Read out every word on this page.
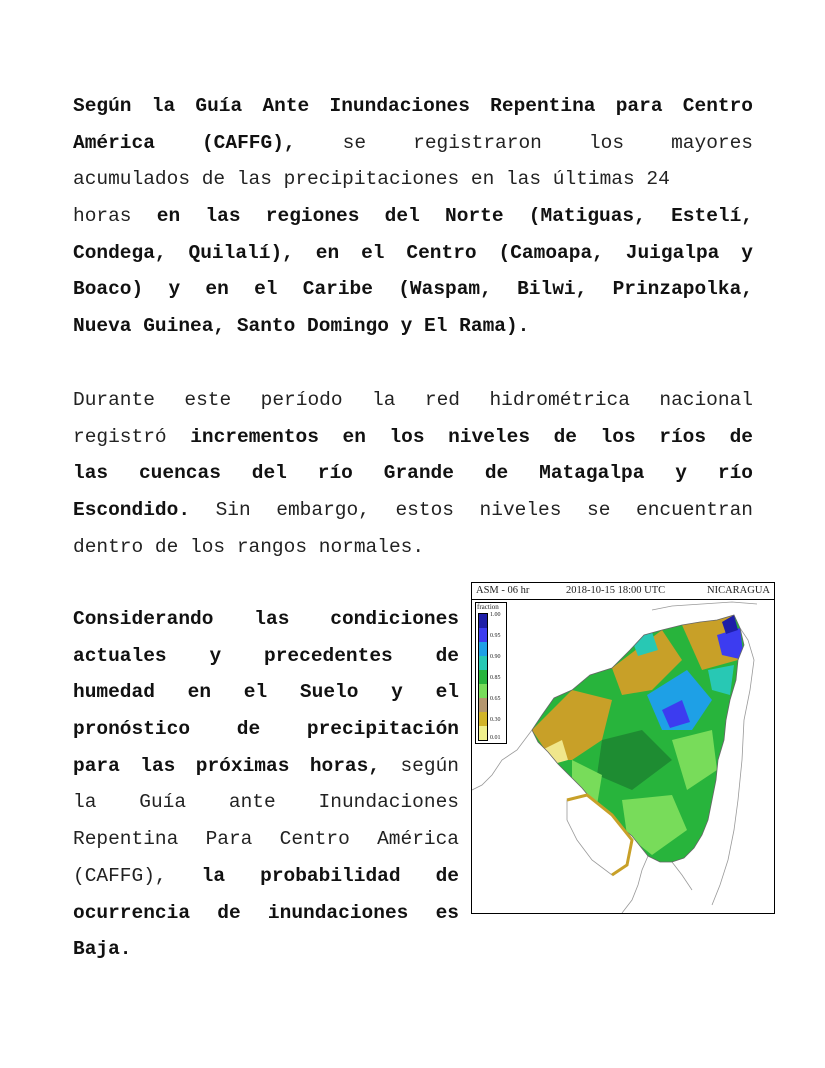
Según la Guía Ante Inundaciones Repentina para Centro
América (CAFFG), se registraron los mayores
acumulados de las precipitaciones en las últimas 24
horas en las regiones del Norte (Matiguas, Estelí,
Condega, Quilalí), en el Centro (Camoapa, Juigalpa y
Boaco) y en el Caribe (Waspam, Bilwi, Prinzapolka,
Nueva Guinea, Santo Domingo y El Rama).
Durante este período la red hidrométrica nacional
registró incrementos en los niveles de los ríos de
las cuencas del río Grande de Matagalpa y río
Escondido. Sin embargo, estos niveles se encuentran
dentro de los rangos normales.
Considerando las condiciones
actuales y precedentes de
humedad en el Suelo y el
pronóstico de precipitación
para las próximas horas, según
la Guía ante Inundaciones
Repentina Para Centro América
(CAFFG), la probabilidad de
ocurrencia de inundaciones es
Baja.
ASM - 06 hr	2018-10-15 18:00 UTC	NICARAGUA
fraction
1.00
0.95
0.90
0.85
0.65
0.30
0.01
